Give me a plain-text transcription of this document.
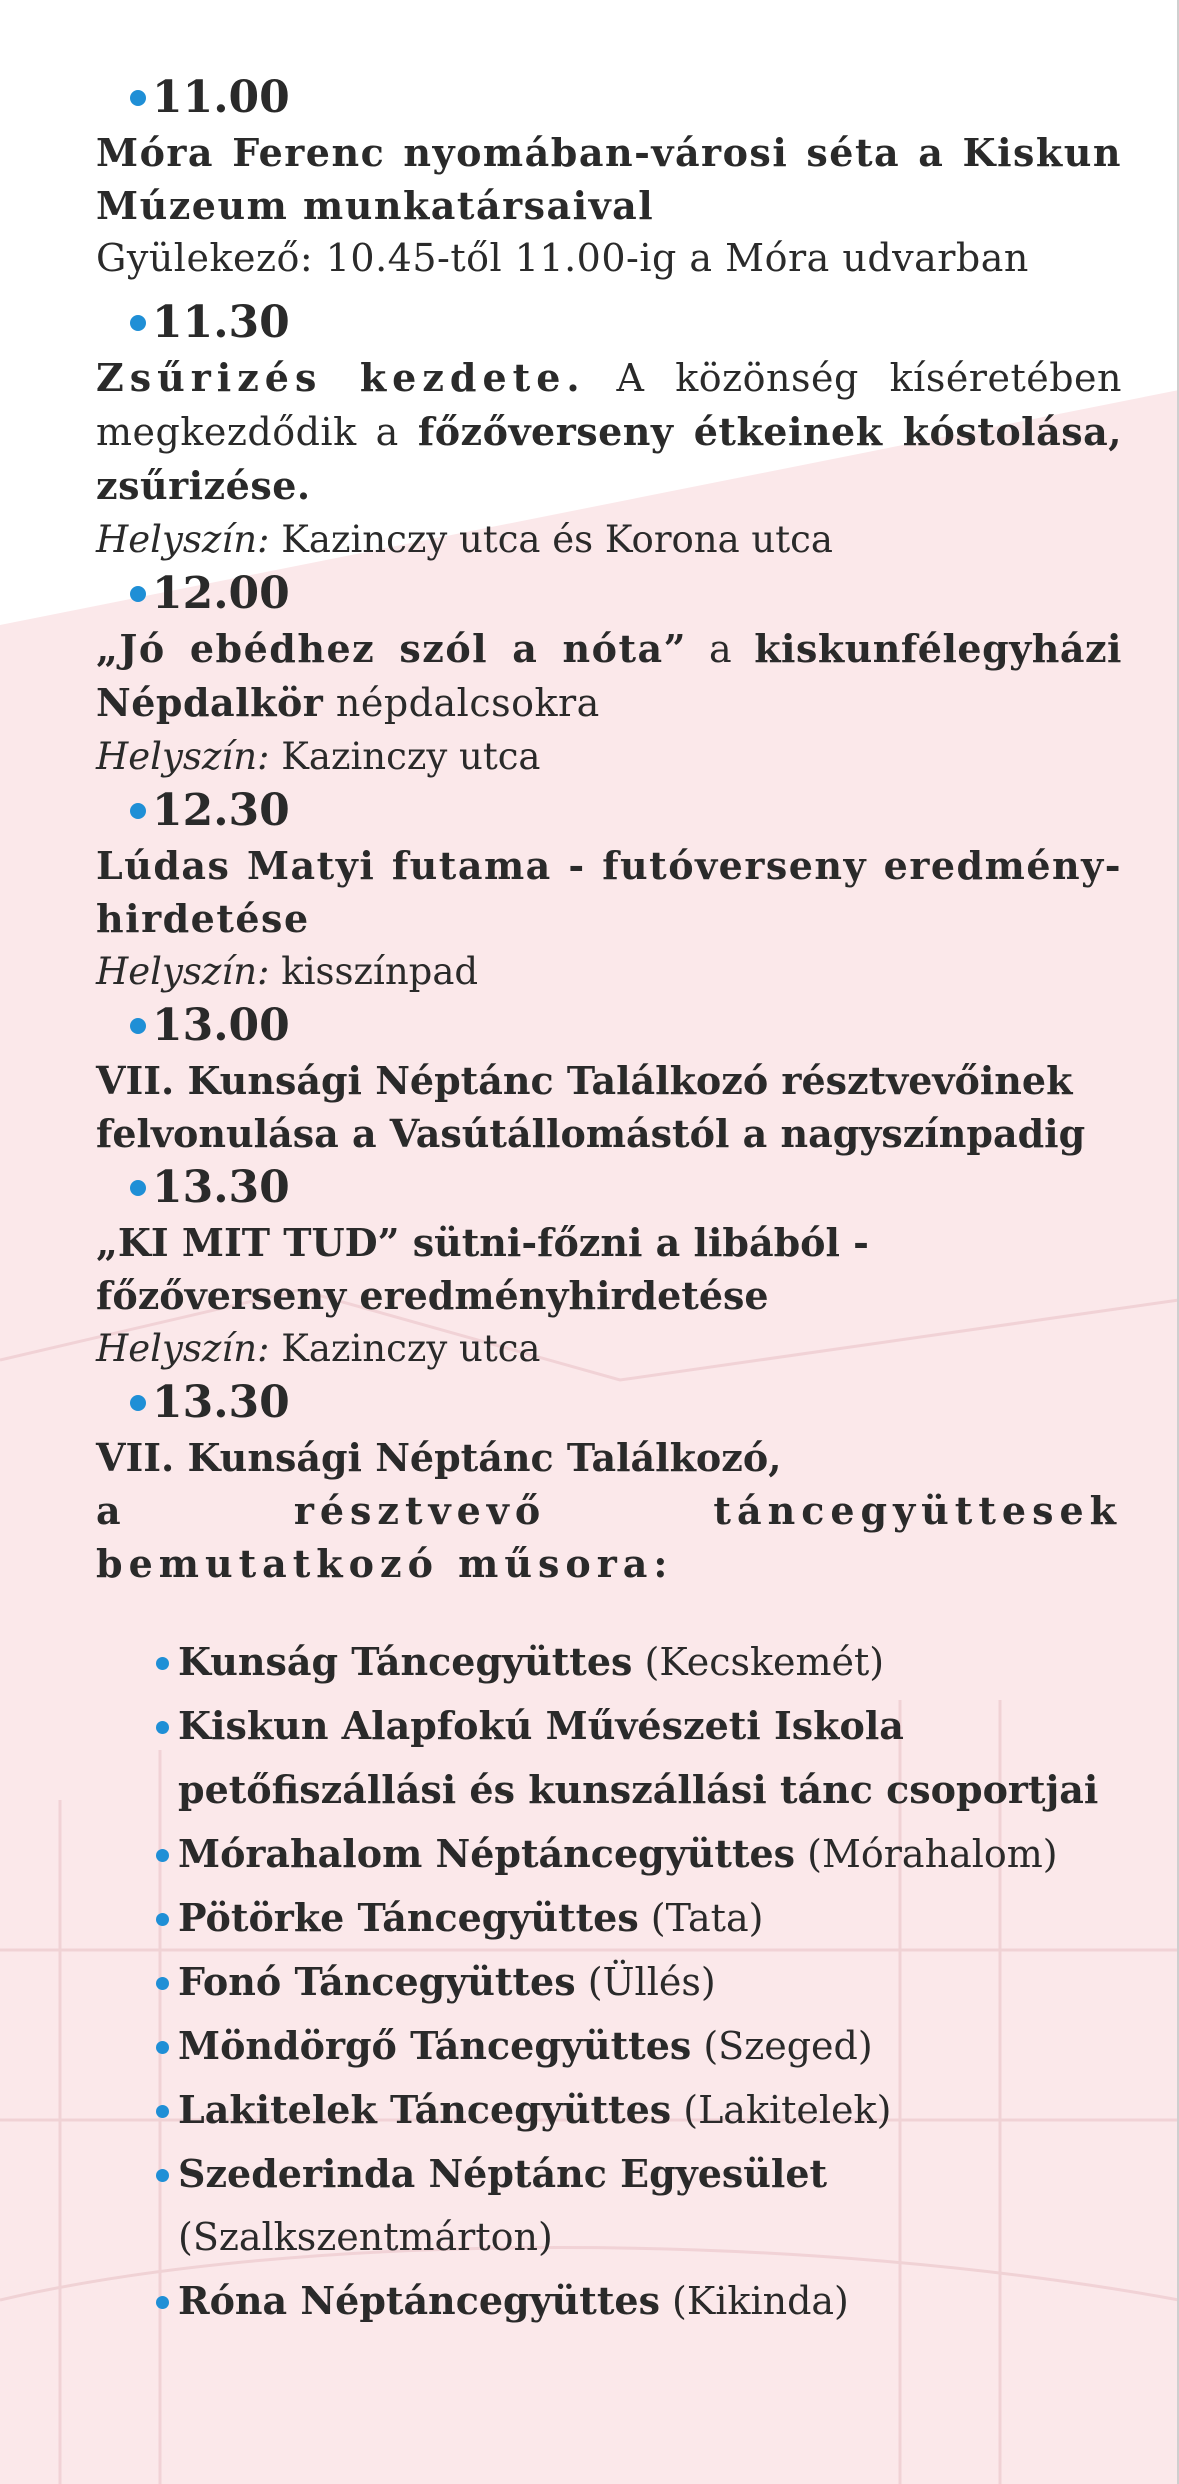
11.00
Móra Ferenc nyomában-városi séta a Kiskun Múzeum munkatársaival
Gyülekező: 10.45-től 11.00-ig a Móra udvarban
11.30
Zsűrizés kezdete. A közönség kíséretében megkezdődik a főzőverseny étkeinek kóstolása, zsűrizése.
Helyszín: Kazinczy utca és Korona utca
12.00
„Jó ebédhez szól a nóta” a kiskunfélegyházi Népdalkör népdalcsokra
Helyszín: Kazinczy utca
12.30
Lúdas Matyi futama - futóverseny eredmény-hirdetése
Helyszín: kisszínpad
13.00
VII. Kunsági Néptánc Találkozó résztvevőinek felvonulása a Vasútállomástól a nagyszínpadig
13.30
„KI MIT TUD” sütni-főzni a libából - főzőverseny eredményhirdetése
Helyszín: Kazinczy utca
13.30
VII. Kunsági Néptánc Találkozó,
a résztvevő táncegyüttesek bemutatkozó műsora:
Kunság Táncegyüttes (Kecskemét)
Kiskun Alapfokú Művészeti Iskola petőfiszállási és kunszállási tánc csoportjai
Mórahalom Néptáncegyüttes (Mórahalom)
Pötörke Táncegyüttes (Tata)
Fonó Táncegyüttes (Üllés)
Möndörgő Táncegyüttes (Szeged)
Lakitelek Táncegyüttes (Lakitelek)
Szederinda Néptánc Egyesület (Szalkszentmárton)
Róna Néptáncegyüttes (Kikinda)
